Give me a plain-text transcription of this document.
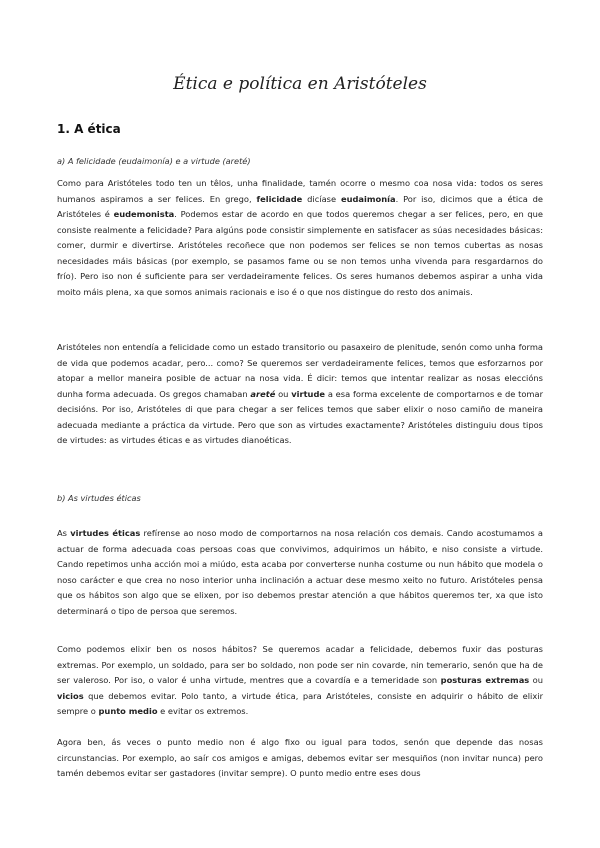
Ética e política en Aristóteles
1. A ética
a) A felicidade (eudaimonía) e a virtude (areté)

Como para Aristóteles todo ten un têlos, unha finalidade, tamén ocorre o mesmo coa nosa vida: todos os seres humanos aspiramos a ser felices. En grego, felicidade dicíase eudaimonía. Por iso, dicimos que a ética de Aristóteles é eudemonista. Podemos estar de acordo en que todos queremos chegar a ser felices, pero, en que consiste realmente a felicidade? Para algúns pode consistir simplemente en satisfacer as súas necesidades básicas: comer, durmir e divertirse. Aristóteles recoñece que non podemos ser felices se non temos cubertas as nosas necesidades máis básicas (por exemplo, se pasamos fame ou se non temos unha vivenda para resgardarnos do frío). Pero iso non é suficiente para ser verdadeiramente felices. Os seres humanos debemos aspirar a unha vida moito máis plena, xa que somos animais racionais e iso é o que nos distingue do resto dos animais.

Aristóteles non entendía a felicidade como un estado transitorio ou pasaxeiro de plenitude, senón como unha forma de vida que podemos acadar, pero... como? Se queremos ser verdadeiramente felices, temos que esforzarnos por atopar a mellor maneira posible de actuar na nosa vida. É dicir: temos que intentar realizar as nosas eleccións dunha forma adecuada. Os gregos chamaban areté ou virtude a esa forma excelente de comportarnos e de tomar decisións. Por iso, Aristóteles di que para chegar a ser felices temos que saber elixir o noso camiño de maneira adecuada mediante a práctica da virtude. Pero que son as virtudes exactamente? Aristóteles distinguiu dous tipos de virtudes: as virtudes éticas e as virtudes dianoéticas.

b) As virtudes éticas

As virtudes éticas refírense ao noso modo de comportarnos na nosa relación cos demais. Cando acostumamos a actuar de forma adecuada coas persoas coas que convivimos, adquirimos un hábito, e niso consiste a virtude. Cando repetimos unha acción moi a miúdo, esta acaba por converterse nunha costume ou nun hábito que modela o noso carácter e que crea no noso interior unha inclinación a actuar dese mesmo xeito no futuro. Aristóteles pensa que os hábitos son algo que se elixen, por iso debemos prestar atención a que hábitos queremos ter, xa que isto determinará o tipo de persoa que seremos.

Como podemos elixir ben os nosos hábitos? Se queremos acadar a felicidade, debemos fuxir das posturas extremas. Por exemplo, un soldado, para ser bo soldado, non pode ser nin covarde, nin temerario, senón que ha de ser valeroso. Por iso, o valor é unha virtude, mentres que a covardía e a temeridade son posturas extremas ou vicios que debemos evitar. Polo tanto, a virtude ética, para Aristóteles, consiste en adquirir o hábito de elixir sempre o punto medio e evitar os extremos.

Agora ben, ás veces o punto medio non é algo fixo ou igual para todos, senón que depende das nosas circunstancias. Por exemplo, ao saír cos amigos e amigas, debemos evitar ser mesquiños (non invitar nunca) pero tamén debemos evitar ser gastadores (invitar sempre). O punto medio entre eses dous
